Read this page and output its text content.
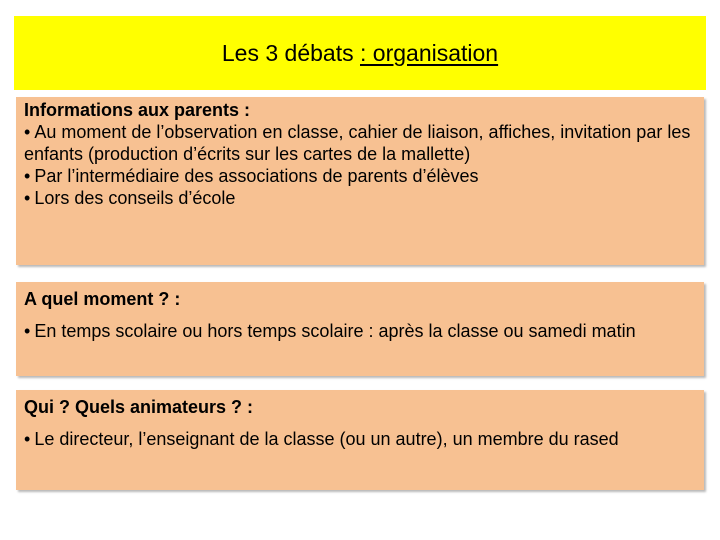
Les 3 débats : organisation

Informations aux parents :

• Au moment de l’observation en classe, cahier de liaison, affiches, invitation par les enfants (production d’écrits sur les cartes de la mallette)
• Par l’intermédiaire des associations de parents d’élèves
• Lors des conseils d’école

A quel moment ? :

• En temps scolaire ou hors temps scolaire : après la classe ou samedi matin

Qui ? Quels animateurs ? :

• Le directeur, l’enseignant de la classe (ou un autre), un membre du rased
